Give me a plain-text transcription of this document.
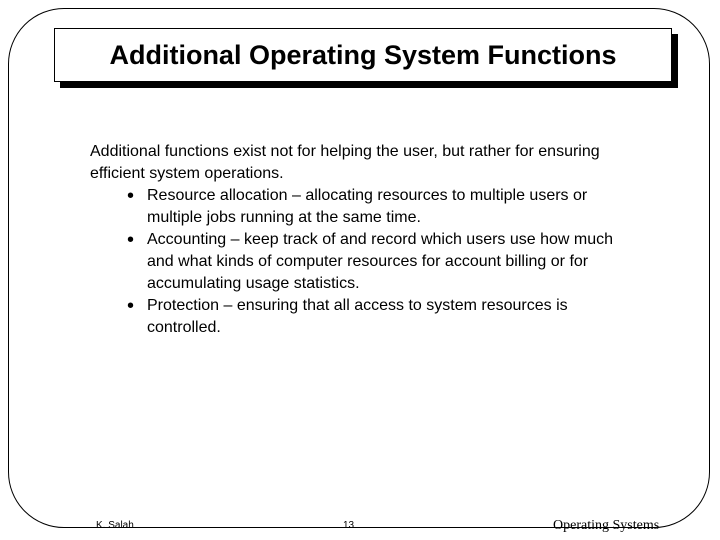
Additional Operating System Functions

Additional functions exist not for helping the user, but rather for ensuring efficient system operations.

• Resource allocation – allocating resources to multiple users or multiple jobs running at the same time.
• Accounting – keep track of and record which users use how much and what kinds of computer resources for account billing or for accumulating usage statistics.
• Protection – ensuring that all access to system resources is controlled.
K. Salah	13	Operating Systems
